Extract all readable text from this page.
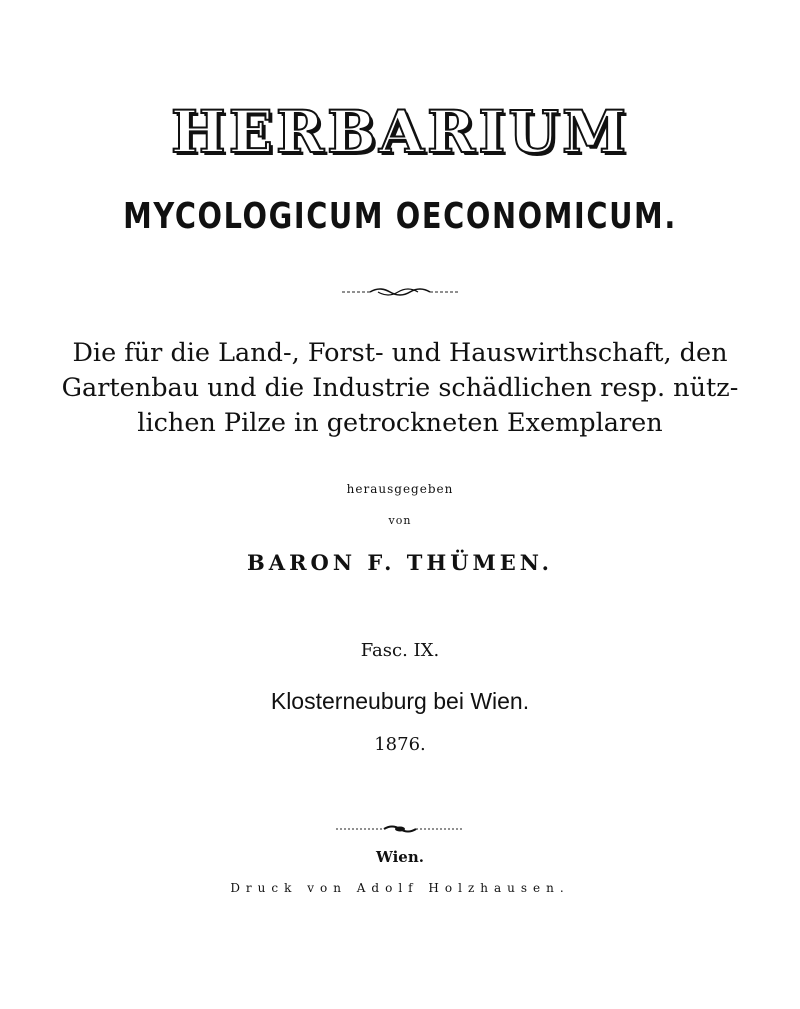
HERBARIUM
MYCOLOGICUM OECONOMICUM.
Die für die Land-, Forst- und Hauswirthschaft, den
Gartenbau und die Industrie schädlichen resp. nütz-
lichen Pilze in getrockneten Exemplaren
herausgegeben
von
BARON F. THÜMEN.
Fasc. IX.
Klosterneuburg bei Wien.
1876.
Wien.
Druck von Adolf Holzhausen.
